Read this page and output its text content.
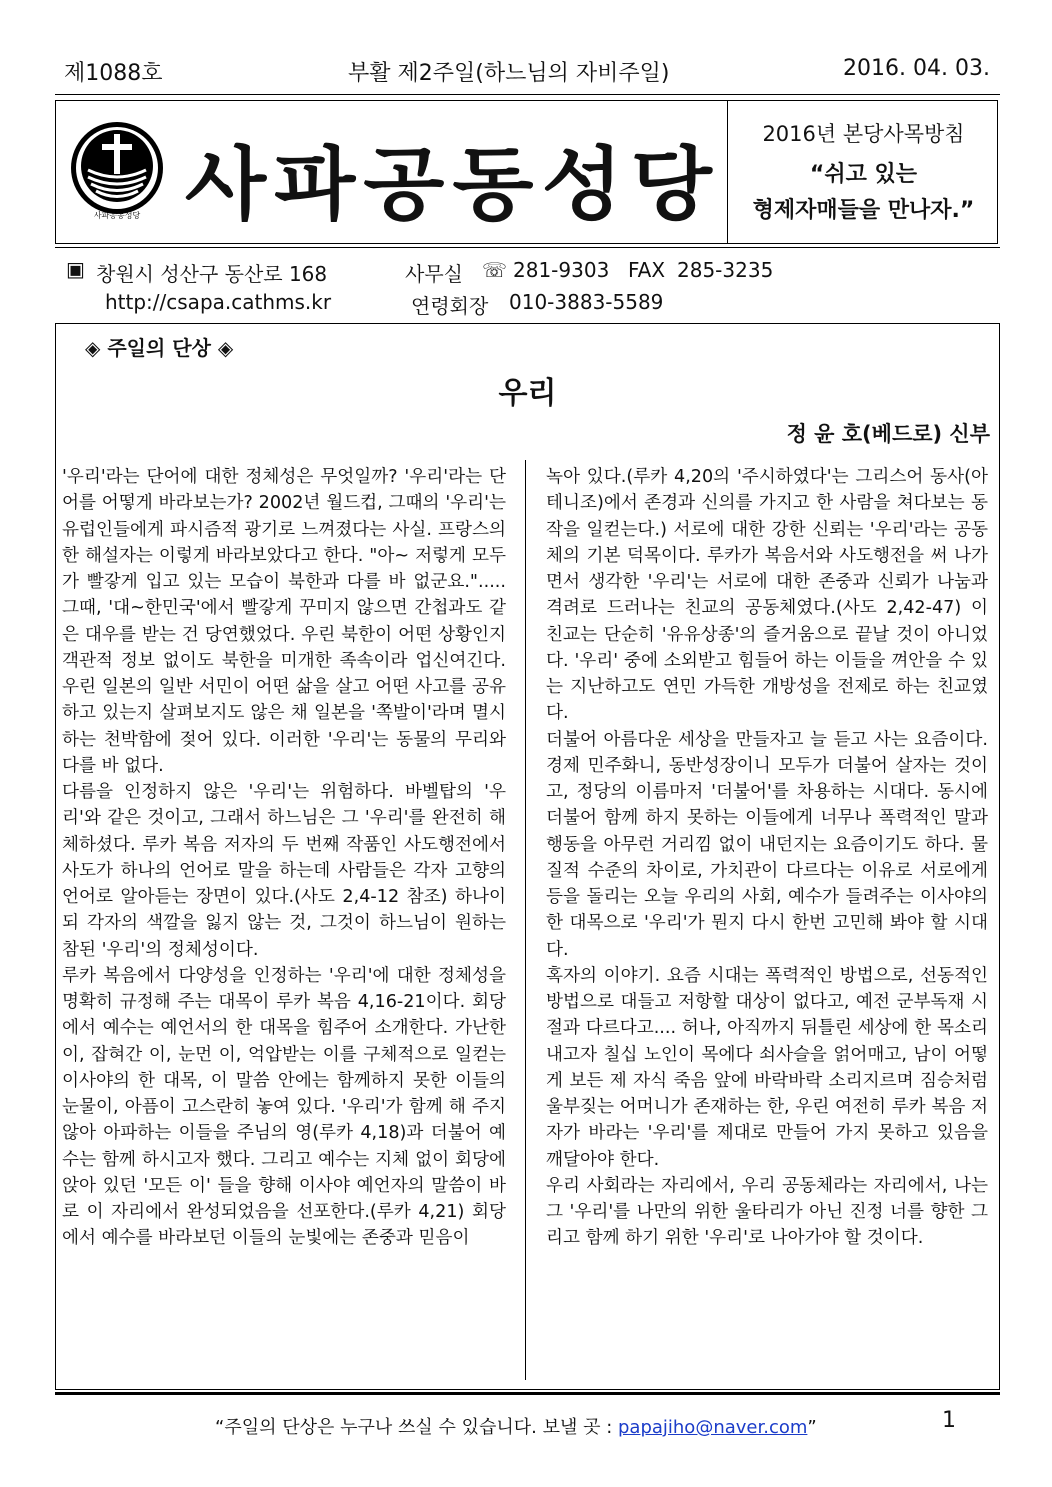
제1088호	부활 제2주일(하느님의 자비주일)	2016. 04. 03.
사파공동성당 사파공동성당
2016년 본당사목방침
“쉬고 있는
형제자매들을 만나자.”
▣ 창원시 성산구 동산로 168	사무실 ☏ 281-9303 FAX 285-3235
http://csapa.cathms.kr	연령회장 010-3883-5589
◈ 주일의 단상 ◈
우리
정 윤 호(베드로) 신부

'우리'라는 단어에 대한 정체성은 무엇일까? '우리'라는 단어를 어떻게 바라보는가? 2002년 월드컵, 그때의 '우리'는 유럽인들에게 파시즘적 광기로 느껴졌다는 사실. 프랑스의 한 해설자는 이렇게 바라보았다고 한다. "아~ 저렇게 모두가 빨갛게 입고 있는 모습이 북한과 다를 바 없군요."..... 그때, '대~한민국'에서 빨갛게 꾸미지 않으면 간첩과도 같은 대우를 받는 건 당연했었다. 우린 북한이 어떤 상황인지 객관적 정보 없이도 북한을 미개한 족속이라 업신여긴다. 우린 일본의 일반 서민이 어떤 삶을 살고 어떤 사고를 공유하고 있는지 살펴보지도 않은 채 일본을 '쪽발이'라며 멸시하는 천박함에 젖어 있다. 이러한 '우리'는 동물의 무리와 다를 바 없다.

다름을 인정하지 않은 '우리'는 위험하다. 바벨탑의 '우리'와 같은 것이고, 그래서 하느님은 그 '우리'를 완전히 해체하셨다. 루카 복음 저자의 두 번째 작품인 사도행전에서 사도가 하나의 언어로 말을 하는데 사람들은 각자 고향의 언어로 알아듣는 장면이 있다.(사도 2,4-12 참조) 하나이되 각자의 색깔을 잃지 않는 것, 그것이 하느님이 원하는 참된 '우리'의 정체성이다.

루카 복음에서 다양성을 인정하는 '우리'에 대한 정체성을 명확히 규정해 주는 대목이 루카 복음 4,16-21이다. 회당에서 예수는 예언서의 한 대목을 힘주어 소개한다. 가난한 이, 잡혀간 이, 눈먼 이, 억압받는 이를 구체적으로 일컫는 이사야의 한 대목, 이 말씀 안에는 함께하지 못한 이들의 눈물이, 아픔이 고스란히 놓여 있다. '우리'가 함께 해 주지 않아 아파하는 이들을 주님의 영(루카 4,18)과 더불어 예수는 함께 하시고자 했다. 그리고 예수는 지체 없이 회당에 앉아 있던 '모든 이' 들을 향해 이사야 예언자의 말씀이 바로 이 자리에서 완성되었음을 선포한다.(루카 4,21) 회당에서 예수를 바라보던 이들의 눈빛에는 존중과 믿음이

녹아 있다.(루카 4,20의 '주시하였다'는 그리스어 동사(아테니조)에서 존경과 신의를 가지고 한 사람을 쳐다보는 동작을 일컫는다.) 서로에 대한 강한 신뢰는 '우리'라는 공동체의 기본 덕목이다. 루카가 복음서와 사도행전을 써 나가면서 생각한 '우리'는 서로에 대한 존중과 신뢰가 나눔과 격려로 드러나는 친교의 공동체였다.(사도 2,42-47) 이 친교는 단순히 '유유상종'의 즐거움으로 끝날 것이 아니었다. '우리' 중에 소외받고 힘들어 하는 이들을 껴안을 수 있는 지난하고도 연민 가득한 개방성을 전제로 하는 친교였다.

더불어 아름다운 세상을 만들자고 늘 듣고 사는 요즘이다. 경제 민주화니, 동반성장이니 모두가 더불어 살자는 것이고, 정당의 이름마저 '더불어'를 차용하는 시대다. 동시에 더불어 함께 하지 못하는 이들에게 너무나 폭력적인 말과 행동을 아무런 거리낌 없이 내던지는 요즘이기도 하다. 물질적 수준의 차이로, 가치관이 다르다는 이유로 서로에게 등을 돌리는 오늘 우리의 사회, 예수가 들려주는 이사야의 한 대목으로 '우리'가 뭔지 다시 한번 고민해 봐야 할 시대다.

혹자의 이야기. 요즘 시대는 폭력적인 방법으로, 선동적인 방법으로 대들고 저항할 대상이 없다고, 예전 군부독재 시절과 다르다고.... 허나, 아직까지 뒤틀린 세상에 한 목소리 내고자 칠십 노인이 목에다 쇠사슬을 얽어매고, 남이 어떻게 보든 제 자식 죽음 앞에 바락바락 소리지르며 짐승처럼 울부짖는 어머니가 존재하는 한, 우린 여전히 루카 복음 저자가 바라는 '우리'를 제대로 만들어 가지 못하고 있음을 깨달아야 한다.

우리 사회라는 자리에서, 우리 공동체라는 자리에서, 나는 그 '우리'를 나만의 위한 울타리가 아닌 진정 너를 향한 그리고 함께 하기 위한 '우리'로 나아가야 할 것이다.

“주일의 단상은 누구나 쓰실 수 있습니다. 보낼 곳 : papajiho@naver.com”	1
